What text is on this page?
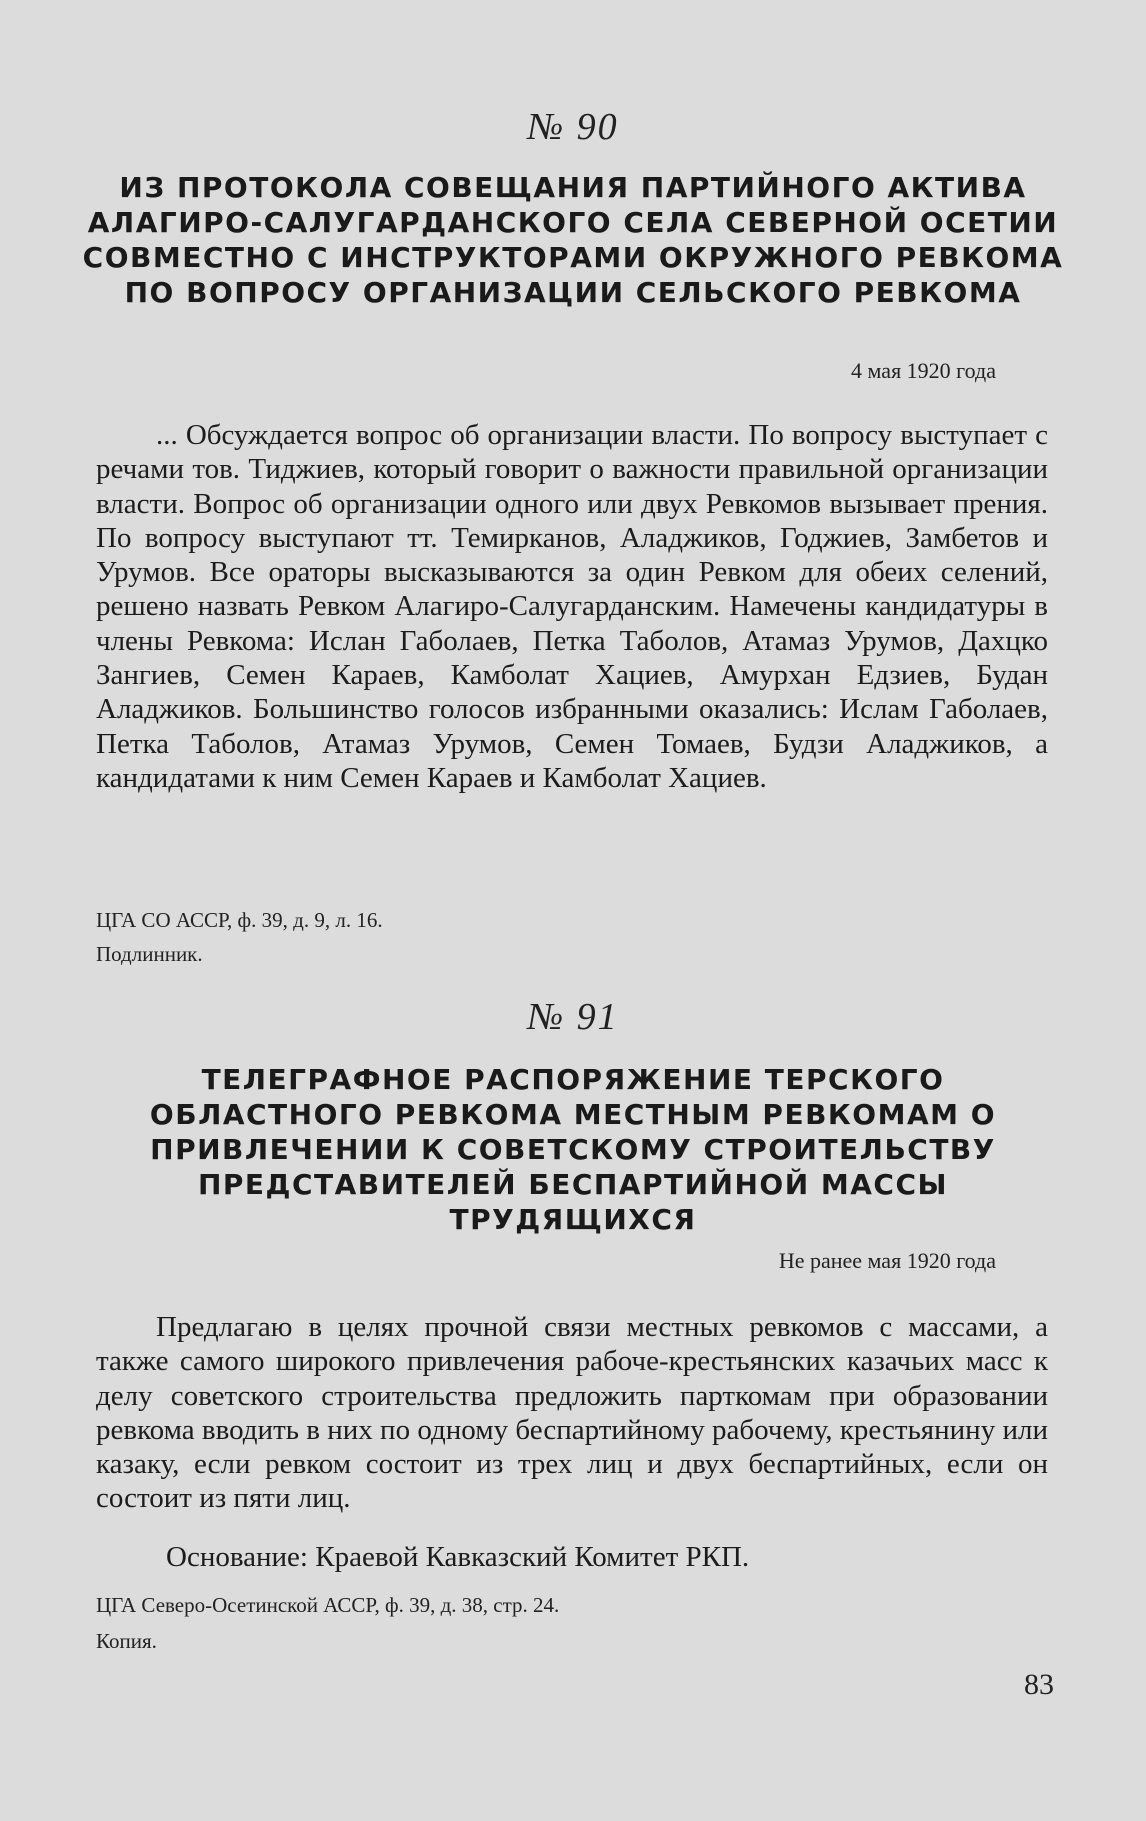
№ 90
ИЗ ПРОТОКОЛА СОВЕЩАНИЯ ПАРТИЙНОГО АКТИВА АЛАГИРО-САЛУГАРДАНСКОГО СЕЛА СЕВЕРНОЙ ОСЕТИИ СОВМЕСТНО С ИНСТРУКТОРАМИ ОКРУЖНОГО РЕВКОМА ПО ВОПРОСУ ОРГАНИЗАЦИИ СЕЛЬСКОГО РЕВКОМА
4 мая 1920 года

... Обсуждается вопрос об организации власти. По вопросу выступает с речами тов. Тиджиев, который говорит о важности правильной организации власти. Вопрос об организации одного или двух Ревкомов вызывает прения. По вопросу выступают тт. Темирканов, Аладжиков, Годжиев, Замбетов и Урумов. Все ораторы высказываются за один Ревком для обеих селений, решено назвать Ревком Алагиро-Салугарданским. Намечены кандидатуры в члены Ревкома: Ислан Габолаев, Петка Таболов, Атамаз Урумов, Дахцко Зангиев, Семен Караев, Камболат Хациев, Амурхан Едзиев, Будан Аладжиков. Большинство голосов избранными оказались: Ислам Габолаев, Петка Таболов, Атамаз Урумов, Семен Томаев, Будзи Аладжиков, а кандидатами к ним Семен Караев и Камболат Хациев.

ЦГА СО АССР, ф. 39, д. 9, л. 16.
Подлинник.
№ 91
ТЕЛЕГРАФНОЕ РАСПОРЯЖЕНИЕ ТЕРСКОГО ОБЛАСТНОГО РЕВКОМА МЕСТНЫМ РЕВКОМАМ О ПРИВЛЕЧЕНИИ К СОВЕТСКОМУ СТРОИТЕЛЬСТВУ ПРЕДСТАВИТЕЛЕЙ БЕСПАРТИЙНОЙ МАССЫ ТРУДЯЩИХСЯ
Не ранее мая 1920 года

Предлагаю в целях прочной связи местных ревкомов с массами, а также самого широкого привлечения рабоче-крестьянских казачьих масс к делу советского строительства предложить парткомам при образовании ревкома вводить в них по одному беспартийному рабочему, крестьянину или казаку, если ревком состоит из трех лиц и двух беспартийных, если он состоит из пяти лиц.

Основание: Краевой Кавказский Комитет РКП.
ЦГА Северо-Осетинской АССР, ф. 39, д. 38, стр. 24.
Копия.
83
